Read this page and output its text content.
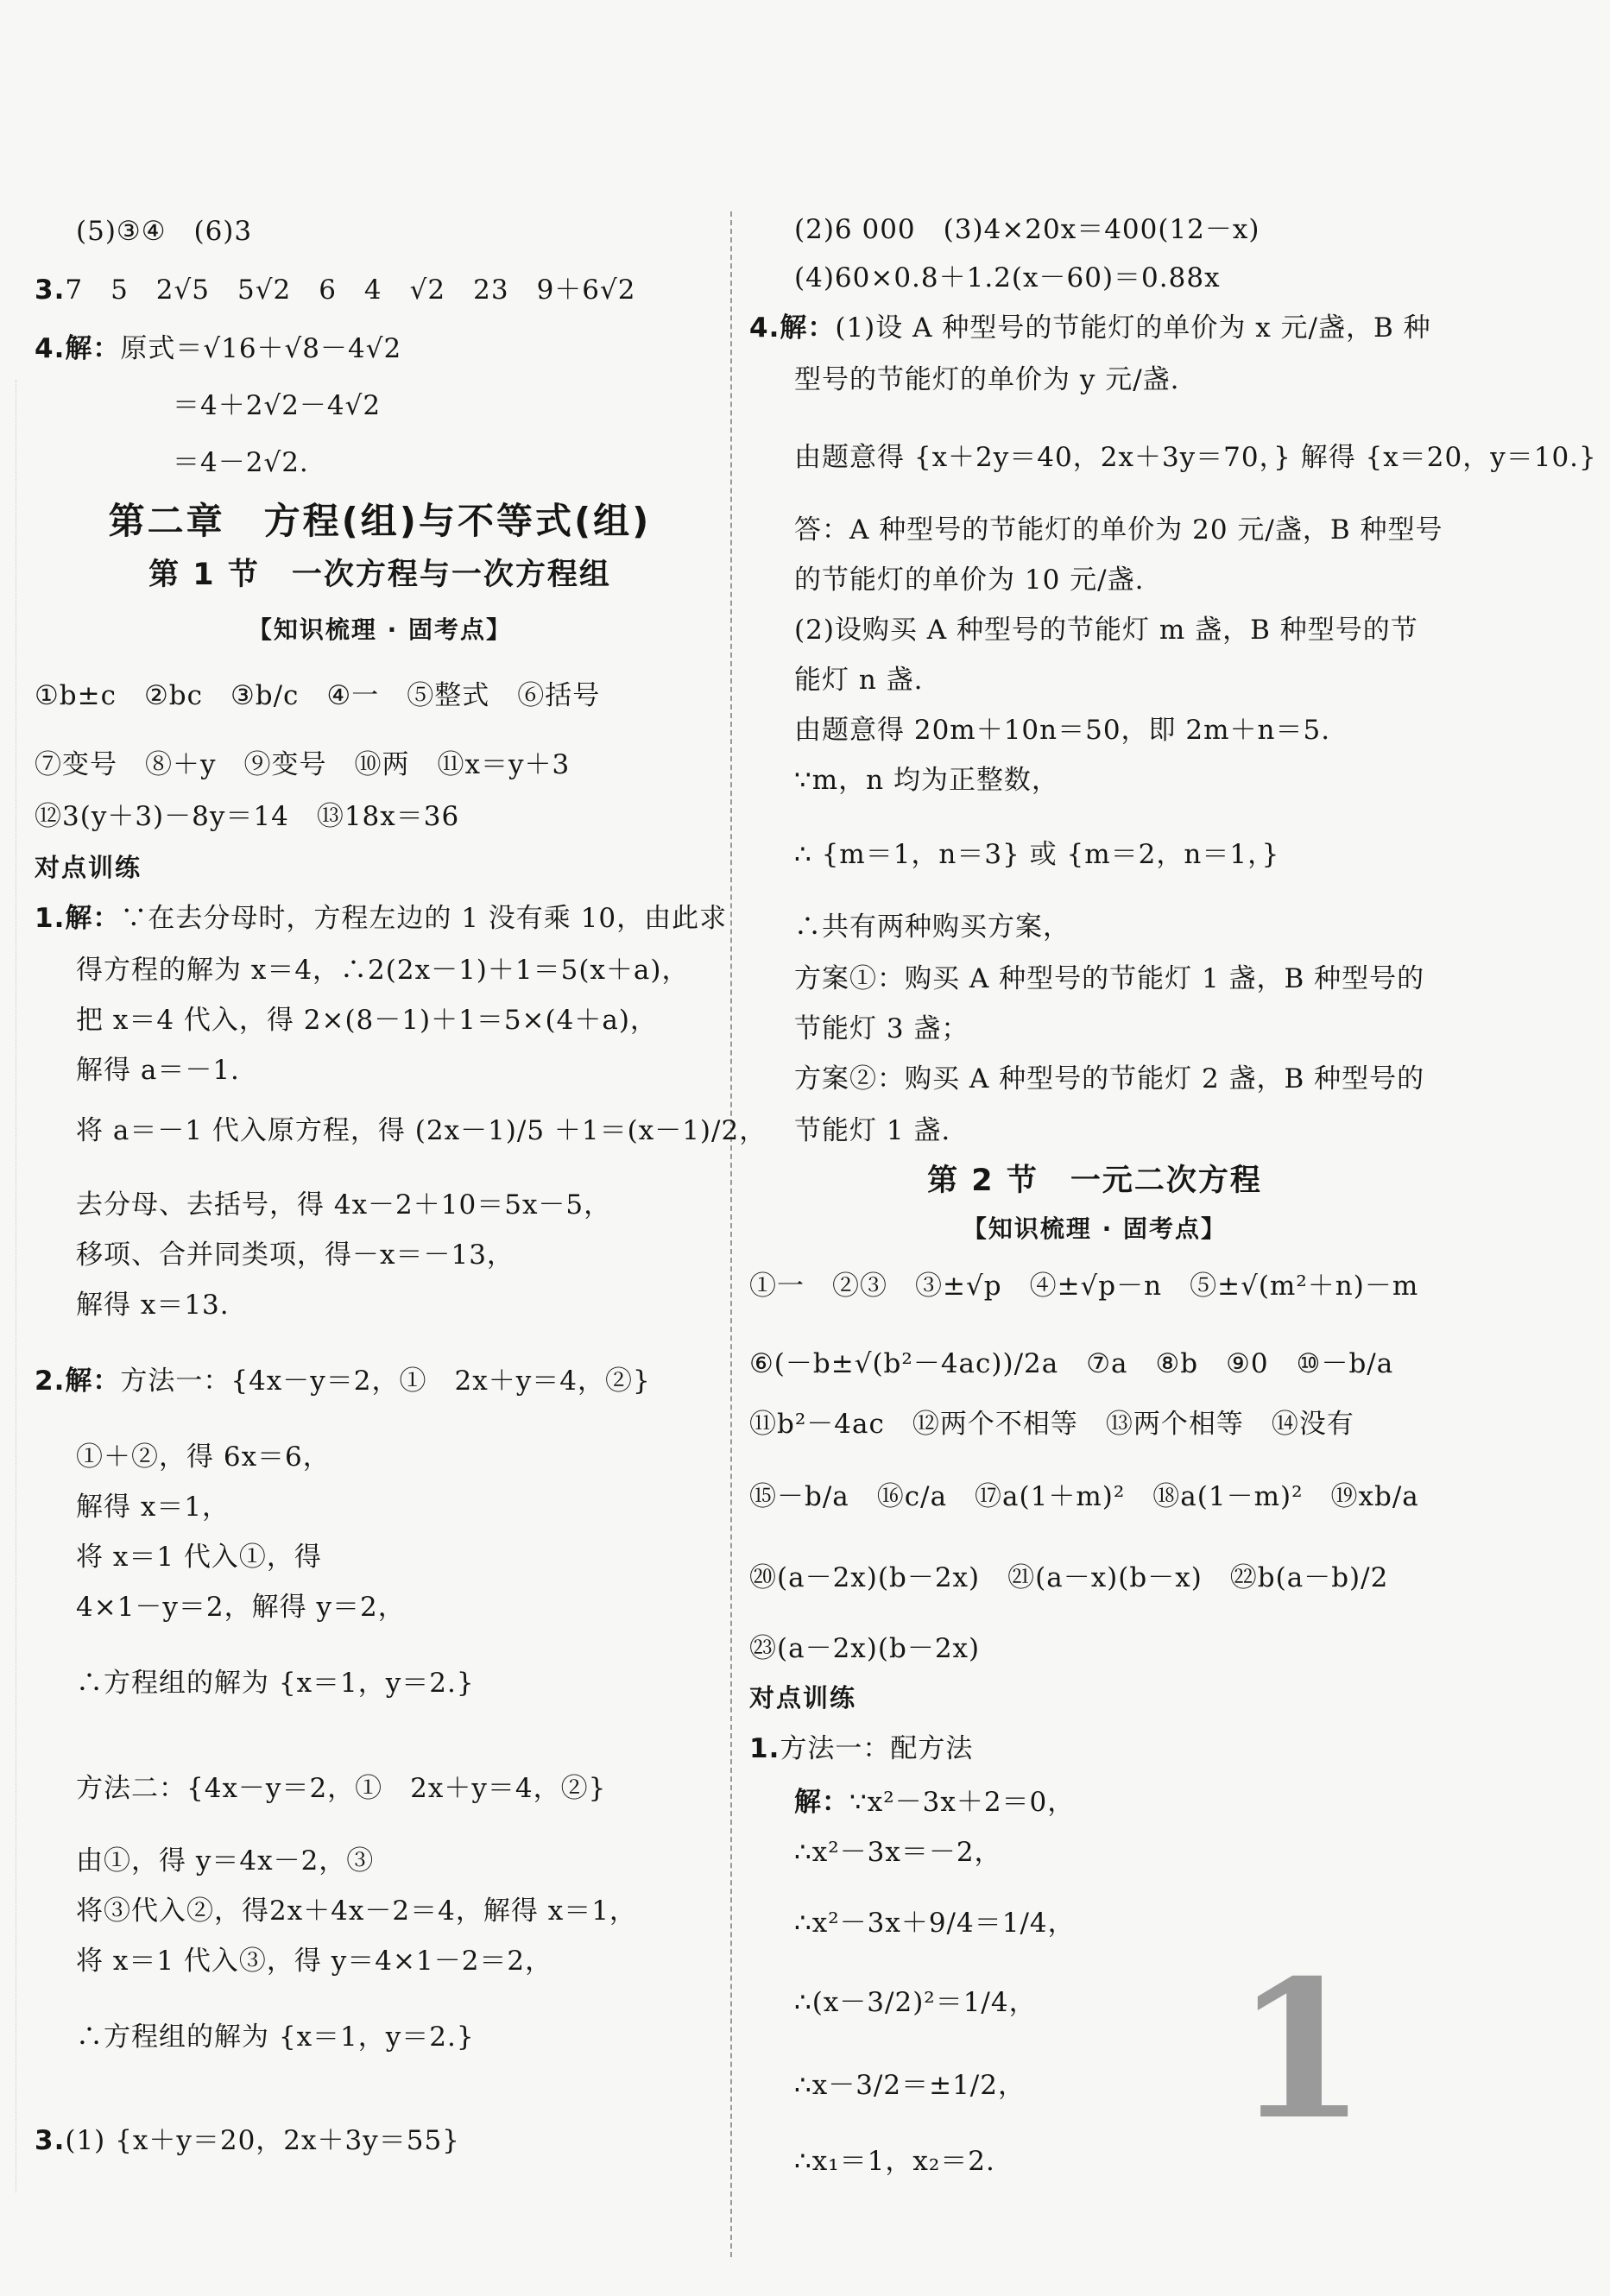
(5)③④　(6)3
3.7　5　2√5　5√2　6　4　√2　23　9＋6√2
4.解：原式＝√16＋√8－4√2
＝4＋2√2－4√2
＝4－2√2.
第二章　方程(组)与不等式(组)
第 1 节　一次方程与一次方程组
【知识梳理 · 固考点】
①b±c　②bc　③b/c　④一　⑤整式　⑥括号
⑦变号　⑧＋y　⑨变号　⑩两　⑪x＝y＋3
⑫3(y＋3)－8y＝14　⑬18x＝36
对点训练
1.解：∵在去分母时，方程左边的 1 没有乘 10，由此求
得方程的解为 x＝4，∴2(2x－1)＋1＝5(x＋a)，
把 x＝4 代入，得 2×(8－1)＋1＝5×(4＋a)，
解得 a＝－1.
将 a＝－1 代入原方程，得 (2x－1)/5 ＋1＝(x－1)/2，
去分母、去括号，得 4x－2＋10＝5x－5，
移项、合并同类项，得－x＝－13，
解得 x＝13.
2.解：方法一：{4x－y＝2，①　2x＋y＝4，②}
①＋②，得 6x＝6，
解得 x＝1，
将 x＝1 代入①，得
4×1－y＝2，解得 y＝2，
∴方程组的解为 {x＝1，y＝2.}
方法二：{4x－y＝2，①　2x＋y＝4，②}
由①，得 y＝4x－2，③
将③代入②，得2x＋4x－2＝4，解得 x＝1，
将 x＝1 代入③，得 y＝4×1－2＝2，
∴方程组的解为 {x＝1，y＝2.}
3.(1) {x＋y＝20，2x＋3y＝55}
(2)6 000　(3)4×20x＝400(12－x)
(4)60×0.8＋1.2(x－60)＝0.88x
4.解：(1)设 A 种型号的节能灯的单价为 x 元/盏，B 种
型号的节能灯的单价为 y 元/盏.
由题意得 {x＋2y＝40，2x＋3y＝70，} 解得 {x＝20，y＝10.}
答：A 种型号的节能灯的单价为 20 元/盏，B 种型号
的节能灯的单价为 10 元/盏.
(2)设购买 A 种型号的节能灯 m 盏，B 种型号的节
能灯 n 盏.
由题意得 20m＋10n＝50，即 2m＋n＝5.
∵m，n 均为正整数，
∴ {m＝1，n＝3} 或 {m＝2，n＝1，}
∴共有两种购买方案，
方案①：购买 A 种型号的节能灯 1 盏，B 种型号的
节能灯 3 盏；
方案②：购买 A 种型号的节能灯 2 盏，B 种型号的
节能灯 1 盏.
第 2 节　一元二次方程
【知识梳理 · 固考点】
①一　②③　③±√p　④±√p－n　⑤±√(m²＋n)－m
⑥(－b±√(b²－4ac))/2a　⑦a　⑧b　⑨0　⑩－b/a
⑪b²－4ac　⑫两个不相等　⑬两个相等　⑭没有
⑮－b/a　⑯c/a　⑰a(1＋m)²　⑱a(1－m)²　⑲xb/a
⑳(a－2x)(b－2x)　㉑(a－x)(b－x)　㉒b(a－b)/2
㉓(a－2x)(b－2x)
对点训练
1.方法一：配方法
解：∵x²－3x＋2＝0，
∴x²－3x＝－2，
∴x²－3x＋9/4＝1/4，
∴(x－3/2)²＝1/4，
∴x－3/2＝±1/2，
∴x₁＝1，x₂＝2. 1
